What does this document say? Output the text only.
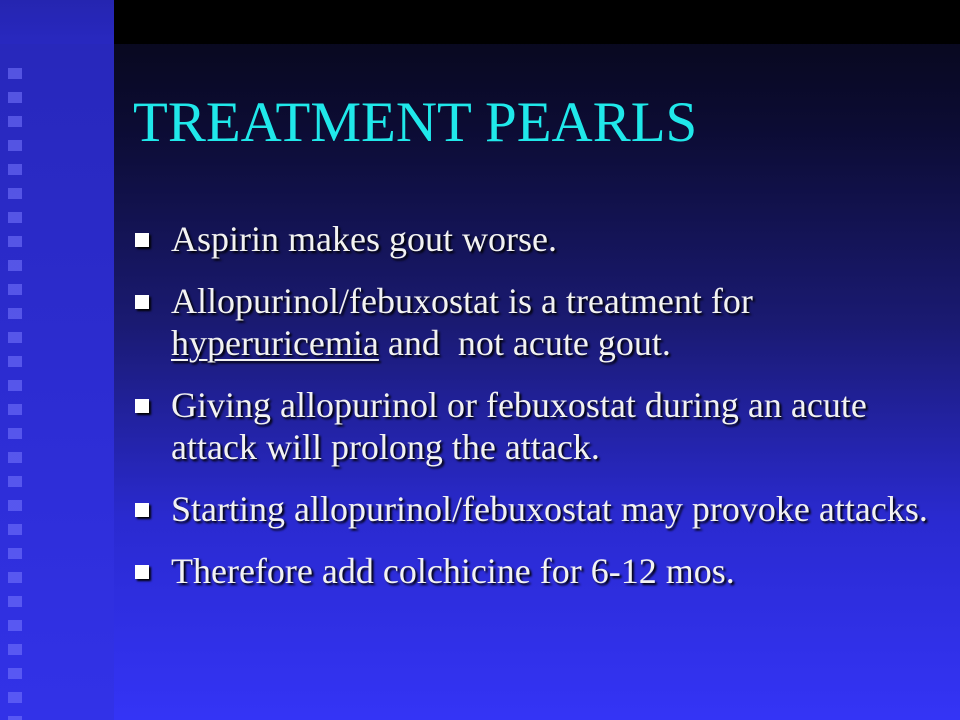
TREATMENT PEARLS
Aspirin makes gout worse.
Allopurinol/febuxostat is a treatment for
hyperuricemia and  not acute gout.
Giving allopurinol or febuxostat during an acute attack will prolong the attack.
Starting allopurinol/febuxostat may provoke attacks.
Therefore add colchicine for 6-12 mos.
